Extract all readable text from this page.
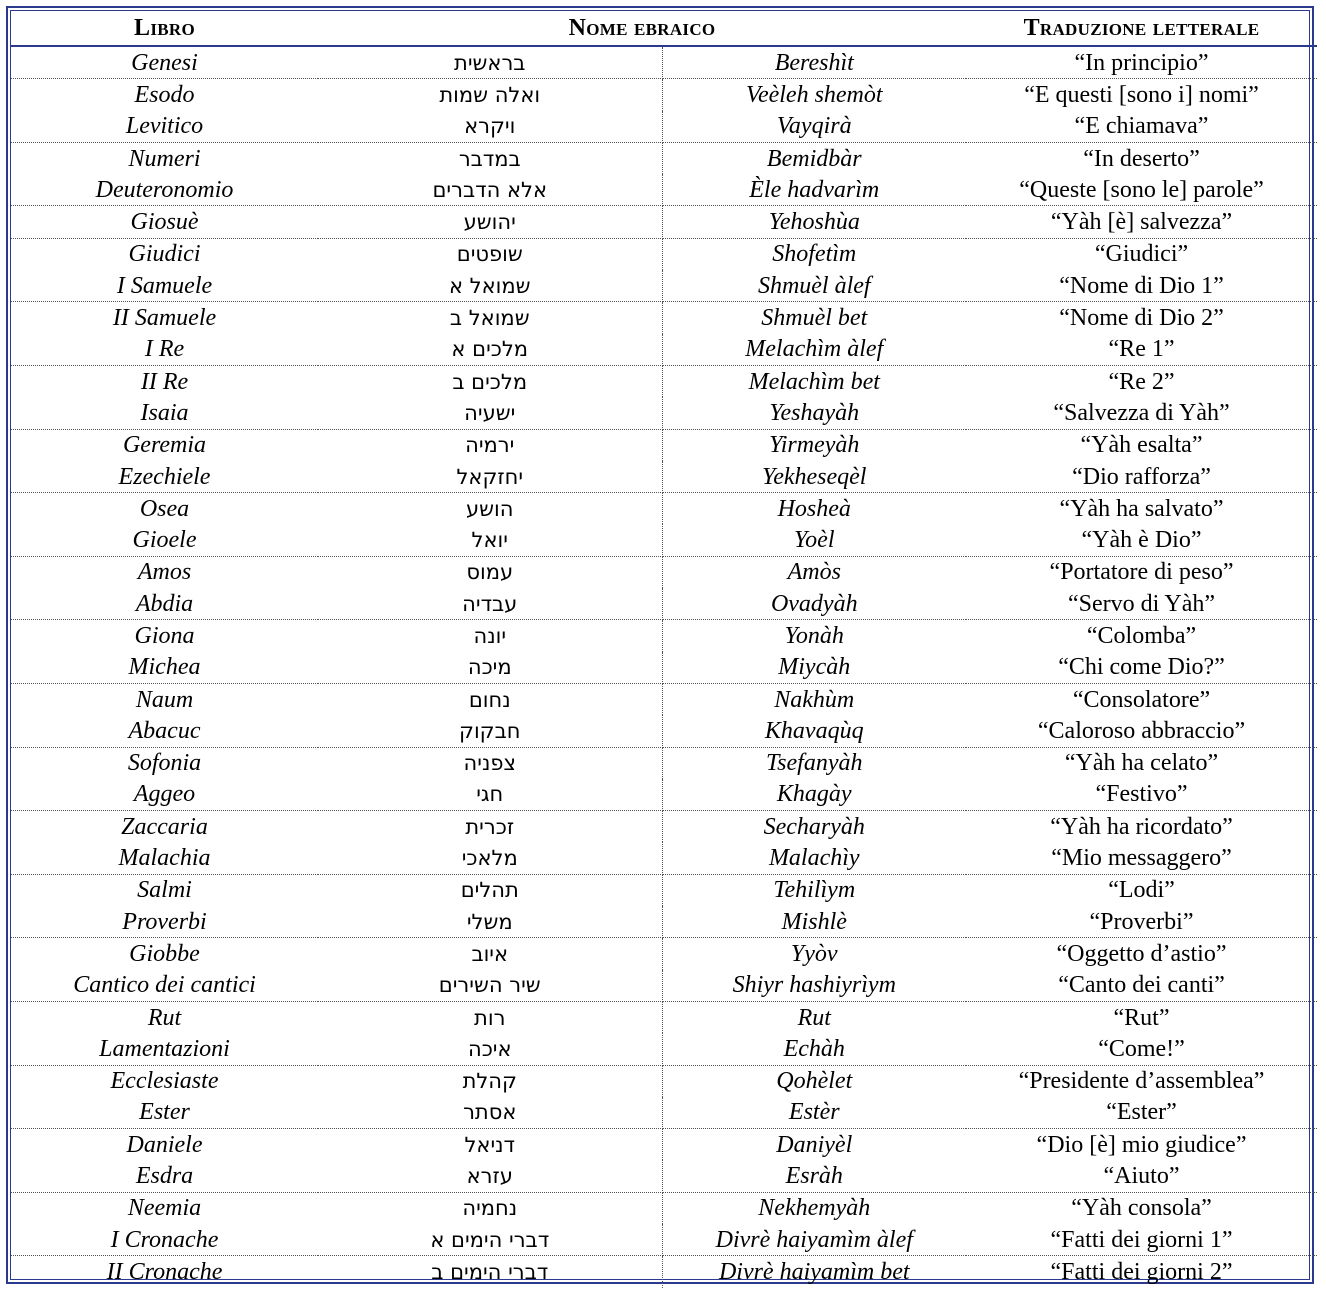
Libro	Nome ebraico		Traduzione letterale
Genesi	בראשית	Bereshìt	“In principio”
Esodo	ואלה שמות	Veèleh shemòt	“E questi [sono i] nomi”
Levitico	ויקרא	Vayqirà	“E chiamava”
Numeri	במדבר	Bemidbàr	“In deserto”
Deuteronomio	אלא הדברים	Èle hadvarìm	“Queste [sono le] parole”
Giosuè	יהושע	Yehoshùa	“Yàh [è] salvezza”
Giudici	שופטים	Shofetìm	“Giudici”
I Samuele	שמואל א	Shmuèl àlef	“Nome di Dio 1”
II Samuele	שמואל ב	Shmuèl bet	“Nome di Dio 2”
I Re	מלכים א	Melachìm àlef	“Re 1”
II Re	מלכים ב	Melachìm bet	“Re 2”
Isaia	ישעיה	Yeshayàh	“Salvezza di Yàh”
Geremia	ירמיה	Yirmeyàh	“Yàh esalta”
Ezechiele	יחזקאל	Yekheseqèl	“Dio rafforza”
Osea	הושע	Hosheà	“Yàh ha salvato”
Gioele	יואל	Yoèl	“Yàh è Dio”
Amos	עמוס	Amòs	“Portatore di peso”
Abdia	עבדיה	Ovadyàh	“Servo di Yàh”
Giona	יונה	Yonàh	“Colomba”
Michea	מיכה	Miycàh	“Chi come Dio?”
Naum	נחום	Nakhùm	“Consolatore”
Abacuc	חבקוק	Khavaqùq	“Caloroso abbraccio”
Sofonia	צפניה	Tsefanyàh	“Yàh ha celato”
Aggeo	חגי	Khagày	“Festivo”
Zaccaria	זכרית	Secharyàh	“Yàh ha ricordato”
Malachia	מלאכי	Malachìy	“Mio messaggero”
Salmi	תהלים	Tehilìym	“Lodi”
Proverbi	משלי	Mishlè	“Proverbi”
Giobbe	איוב	Yyòv	“Oggetto d’astio”
Cantico dei cantici	שיר השירים	Shiyr hashiyrìym	“Canto dei canti”
Rut	רות	Rut	“Rut”
Lamentazioni	איכה	Echàh	“Come!”
Ecclesiaste	קהלת	Qohèlet	“Presidente d’assemblea”
Ester	אסתר	Estèr	“Ester”
Daniele	דניאל	Daniyèl	“Dio [è] mio giudice”
Esdra	עזרא	Esràh	“Aiuto”
Neemia	נחמיה	Nekhemyàh	“Yàh consola”
I Cronache	דברי הימים א	Divrè haiyamìm àlef	“Fatti dei giorni 1”
II Cronache	דברי הימים ב	Divrè haiyamìm bet	“Fatti dei giorni 2”
